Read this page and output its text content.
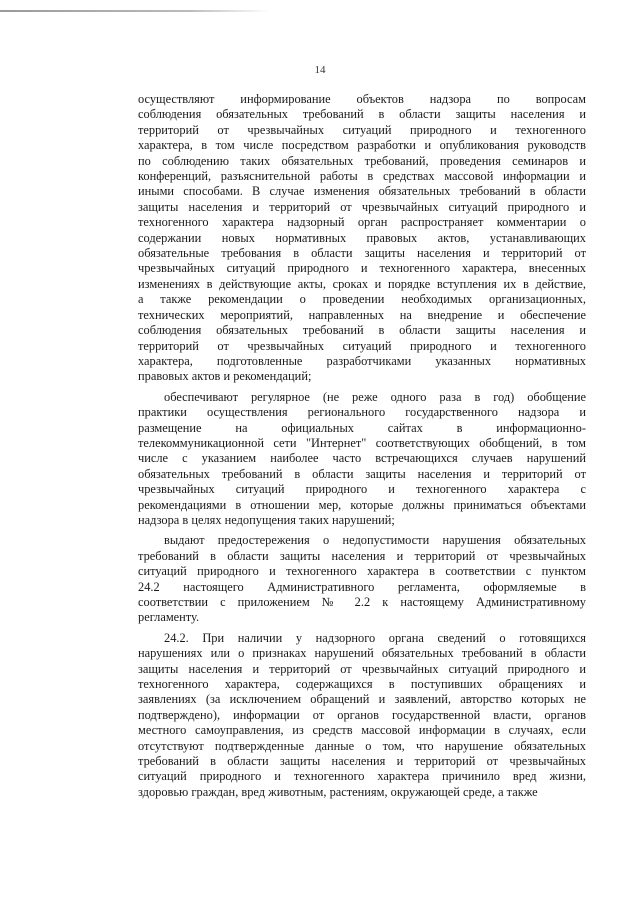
14
осуществляют информирование объектов надзора по вопросам
соблюдения обязательных требований в области защиты населения и
территорий от чрезвычайных ситуаций природного и техногенного
характера, в том числе посредством разработки и опубликования руководств
по соблюдению таких обязательных требований, проведения семинаров и
конференций, разъяснительной работы в средствах массовой информации и
иными способами. В случае изменения обязательных требований в области
защиты населения и территорий от чрезвычайных ситуаций природного и
техногенного характера надзорный орган распространяет комментарии о
содержании новых нормативных правовых актов, устанавливающих
обязательные требования в области защиты населения и территорий от
чрезвычайных ситуаций природного и техногенного характера, внесенных
изменениях в действующие акты, сроках и порядке вступления их в действие,
а также рекомендации о проведении необходимых организационных,
технических мероприятий, направленных на внедрение и обеспечение
соблюдения обязательных требований в области защиты населения и
территорий от чрезвычайных ситуаций природного и техногенного
характера, подготовленные разработчиками указанных нормативных
правовых актов и рекомендаций;
обеспечивают регулярное (не реже одного раза в год) обобщение
практики осуществления регионального государственного надзора и
размещение на официальных сайтах в информационно-
телекоммуникационной сети "Интернет" соответствующих обобщений, в том
числе с указанием наиболее часто встречающихся случаев нарушений
обязательных требований в области защиты населения и территорий от
чрезвычайных ситуаций природного и техногенного характера с
рекомендациями в отношении мер, которые должны приниматься объектами
надзора в целях недопущения таких нарушений;
выдают предостережения о недопустимости нарушения обязательных
требований в области защиты населения и территорий от чрезвычайных
ситуаций природного и техногенного характера в соответствии с пунктом
24.2 настоящего Административного регламента, оформляемые в
соответствии с приложением № 2.2 к настоящему Административному
регламенту.
24.2. При наличии у надзорного органа сведений о готовящихся
нарушениях или о признаках нарушений обязательных требований в области
защиты населения и территорий от чрезвычайных ситуаций природного и
техногенного характера, содержащихся в поступивших обращениях и
заявлениях (за исключением обращений и заявлений, авторство которых не
подтверждено), информации от органов государственной власти, органов
местного самоуправления, из средств массовой информации в случаях, если
отсутствуют подтвержденные данные о том, что нарушение обязательных
требований в области защиты населения и территорий от чрезвычайных
ситуаций природного и техногенного характера причинило вред жизни,
здоровью граждан, вред животным, растениям, окружающей среде, а также
